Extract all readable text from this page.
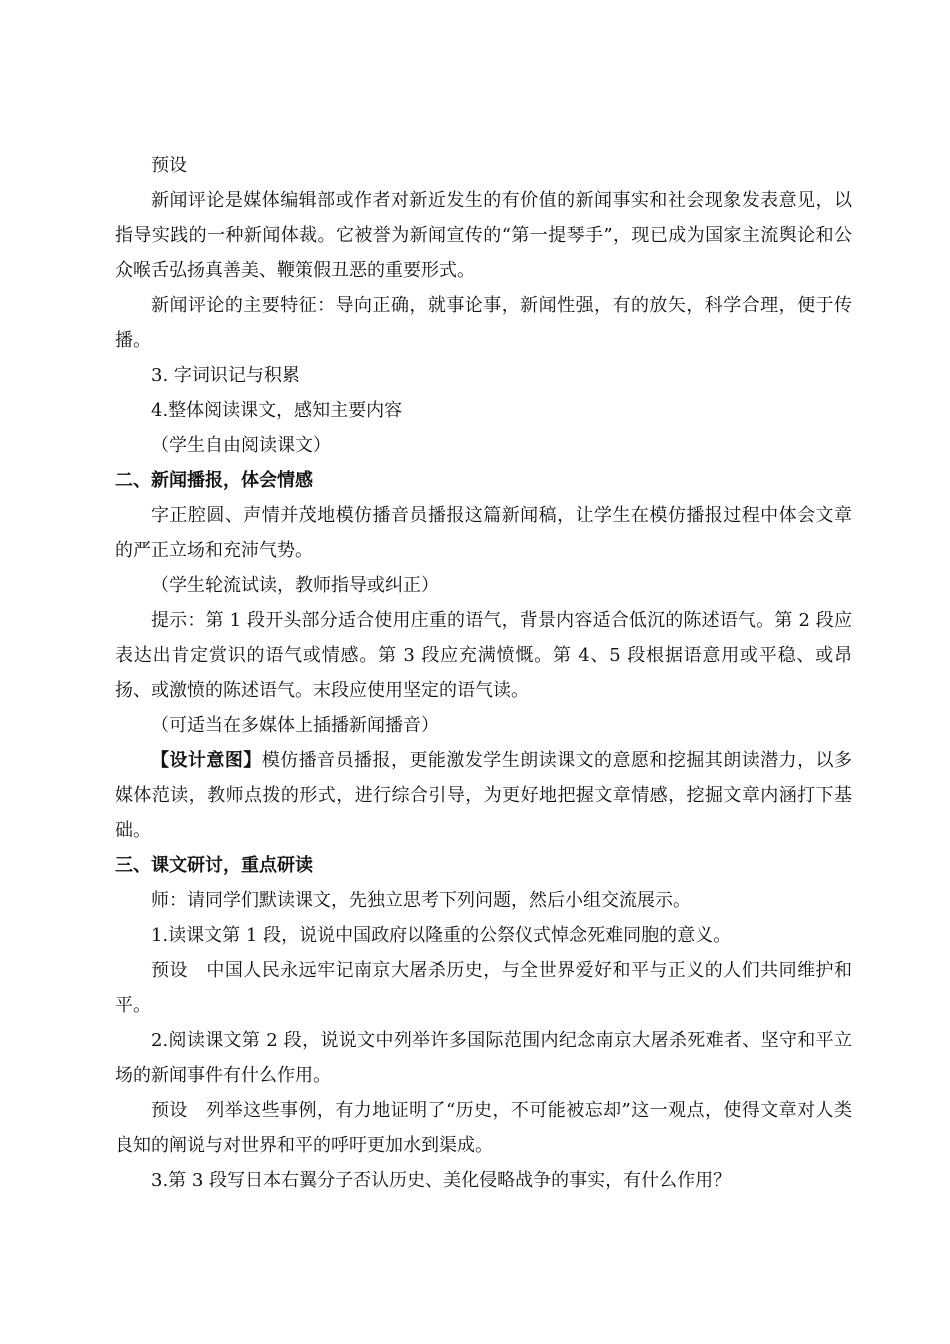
预设

新闻评论是媒体编辑部或作者对新近发生的有价值的新闻事实和社会现象发表意见，以指导实践的一种新闻体裁。它被誉为新闻宣传的“第一提琴手”，现已成为国家主流舆论和公众喉舌弘扬真善美、鞭策假丑恶的重要形式。

新闻评论的主要特征：导向正确，就事论事，新闻性强，有的放矢，科学合理，便于传播。

3. 字词识记与积累

4.整体阅读课文，感知主要内容

（学生自由阅读课文）

二、新闻播报，体会情感

字正腔圆、声情并茂地模仿播音员播报这篇新闻稿，让学生在模仿播报过程中体会文章的严正立场和充沛气势。

（学生轮流试读，教师指导或纠正）

提示：第 1 段开头部分适合使用庄重的语气，背景内容适合低沉的陈述语气。第 2 段应表达出肯定赏识的语气或情感。第 3 段应充满愤慨。第 4、5 段根据语意用或平稳、或昂扬、或激愤的陈述语气。末段应使用坚定的语气读。

（可适当在多媒体上插播新闻播音）

【设计意图】模仿播音员播报，更能激发学生朗读课文的意愿和挖掘其朗读潜力，以多媒体范读，教师点拨的形式，进行综合引导，为更好地把握文章情感，挖掘文章内涵打下基础。

三、课文研讨，重点研读

师：请同学们默读课文，先独立思考下列问题，然后小组交流展示。

1.读课文第 1 段，说说中国政府以隆重的公祭仪式悼念死难同胞的意义。

预设　中国人民永远牢记南京大屠杀历史，与全世界爱好和平与正义的人们共同维护和平。

2.阅读课文第 2 段，说说文中列举许多国际范围内纪念南京大屠杀死难者、坚守和平立场的新闻事件有什么作用。

预设　列举这些事例，有力地证明了“历史，不可能被忘却”这一观点，使得文章对人类良知的阐说与对世界和平的呼吁更加水到渠成。

3.第 3 段写日本右翼分子否认历史、美化侵略战争的事实，有什么作用？
